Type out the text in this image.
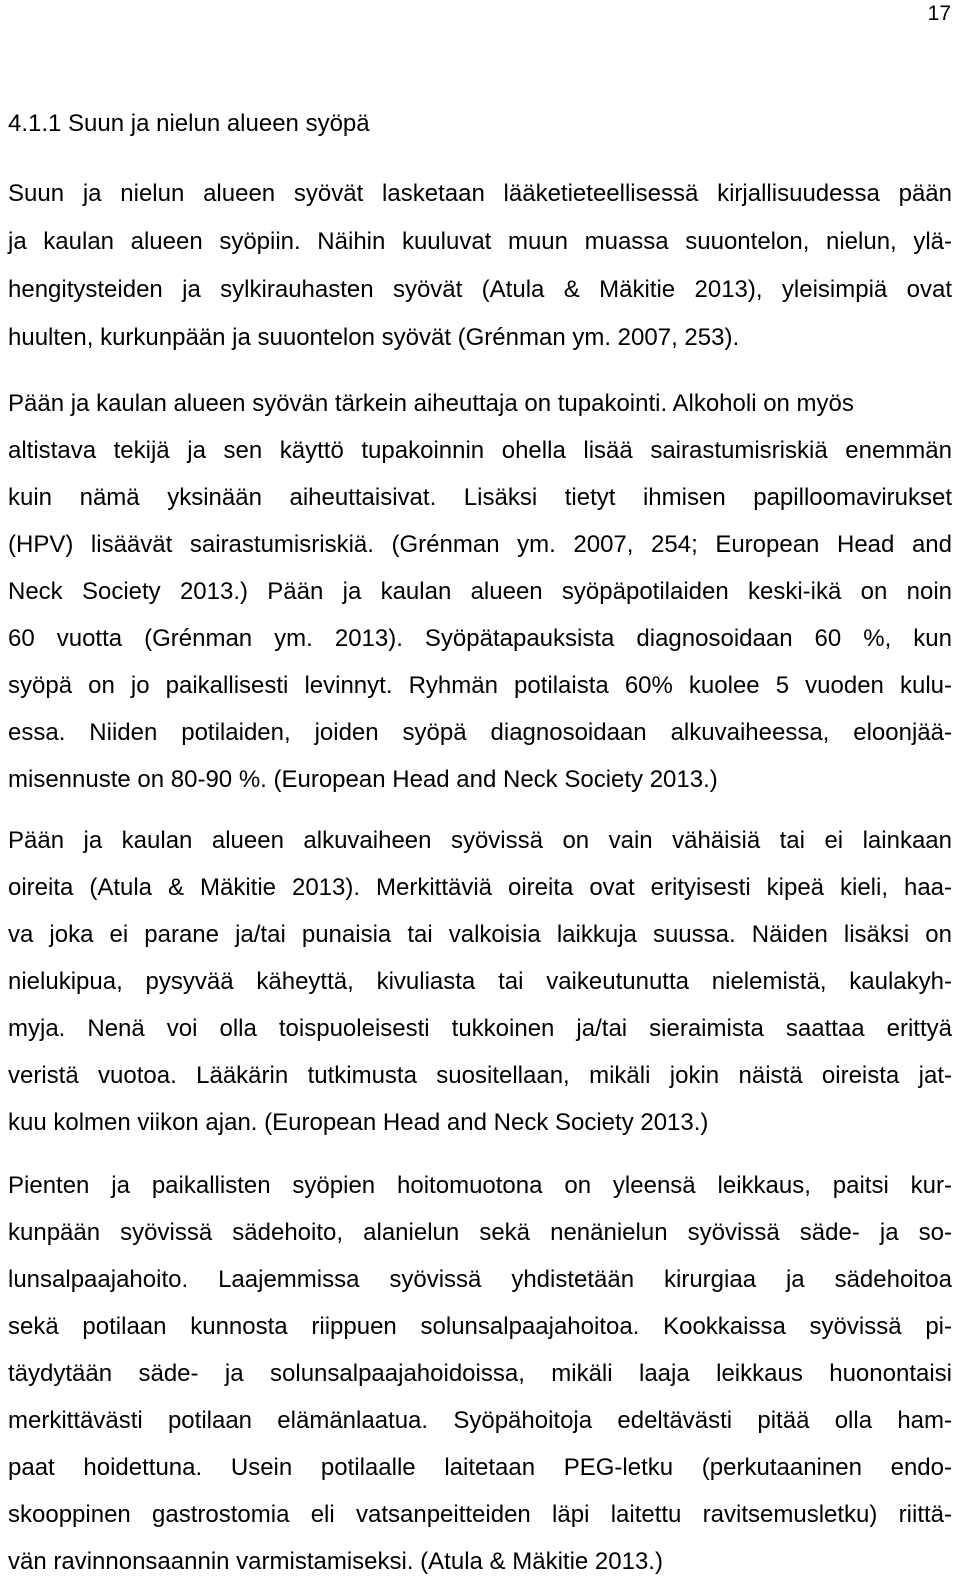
17
4.1.1 Suun ja nielun alueen syöpä
Suun ja nielun alueen syövät lasketaan lääketieteellisessä kirjallisuudessa pään
ja kaulan alueen syöpiin. Näihin kuuluvat muun muassa suuontelon, nielun, ylä-
hengitysteiden ja sylkirauhasten syövät (Atula & Mäkitie 2013), yleisimpiä ovat
huulten, kurkunpään ja suuontelon syövät (Grénman ym. 2007, 253).
Pään ja kaulan alueen syövän tärkein aiheuttaja on tupakointi. Alkoholi on myös
altistava tekijä ja sen käyttö tupakoinnin ohella lisää sairastumisriskiä enemmän
kuin nämä yksinään aiheuttaisivat. Lisäksi tietyt ihmisen papilloomavirukset
(HPV) lisäävät sairastumisriskiä. (Grénman ym. 2007, 254; European Head and
Neck Society 2013.) Pään ja kaulan alueen syöpäpotilaiden keski-ikä on noin
60 vuotta (Grénman ym. 2013). Syöpätapauksista diagnosoidaan 60 %, kun
syöpä on jo paikallisesti levinnyt. Ryhmän potilaista 60% kuolee 5 vuoden kulu-
essa. Niiden potilaiden, joiden syöpä diagnosoidaan alkuvaiheessa, eloonjää-
misennuste on 80-90 %. (European Head and Neck Society 2013.)
Pään ja kaulan alueen alkuvaiheen syövissä on vain vähäisiä tai ei lainkaan
oireita (Atula & Mäkitie 2013). Merkittäviä oireita ovat erityisesti kipeä kieli, haa-
va joka ei parane ja/tai punaisia tai valkoisia laikkuja suussa. Näiden lisäksi on
nielukipua, pysyvää käheyttä, kivuliasta tai vaikeutunutta nielemistä, kaulakyh-
myja. Nenä voi olla toispuoleisesti tukkoinen ja/tai sieraimista saattaa erittyä
veristä vuotoa. Lääkärin tutkimusta suositellaan, mikäli jokin näistä oireista jat-
kuu kolmen viikon ajan. (European Head and Neck Society 2013.)
Pienten ja paikallisten syöpien hoitomuotona on yleensä leikkaus, paitsi kur-
kunpään syövissä sädehoito, alanielun sekä nenänielun syövissä säde- ja so-
lunsalpaajahoito. Laajemmissa syövissä yhdistetään kirurgiaa ja sädehoitoa
sekä potilaan kunnosta riippuen solunsalpaajahoitoa. Kookkaissa syövissä pi-
täydytään säde- ja solunsalpaajahoidoissa, mikäli laaja leikkaus huonontaisi
merkittävästi potilaan elämänlaatua. Syöpähoitoja edeltävästi pitää olla ham-
paat hoidettuna. Usein potilaalle laitetaan PEG-letku (perkutaaninen endo-
skooppinen gastrostomia eli vatsanpeitteiden läpi laitettu ravitsemusletku) riittä-
vän ravinnonsaannin varmistamiseksi. (Atula & Mäkitie 2013.)
